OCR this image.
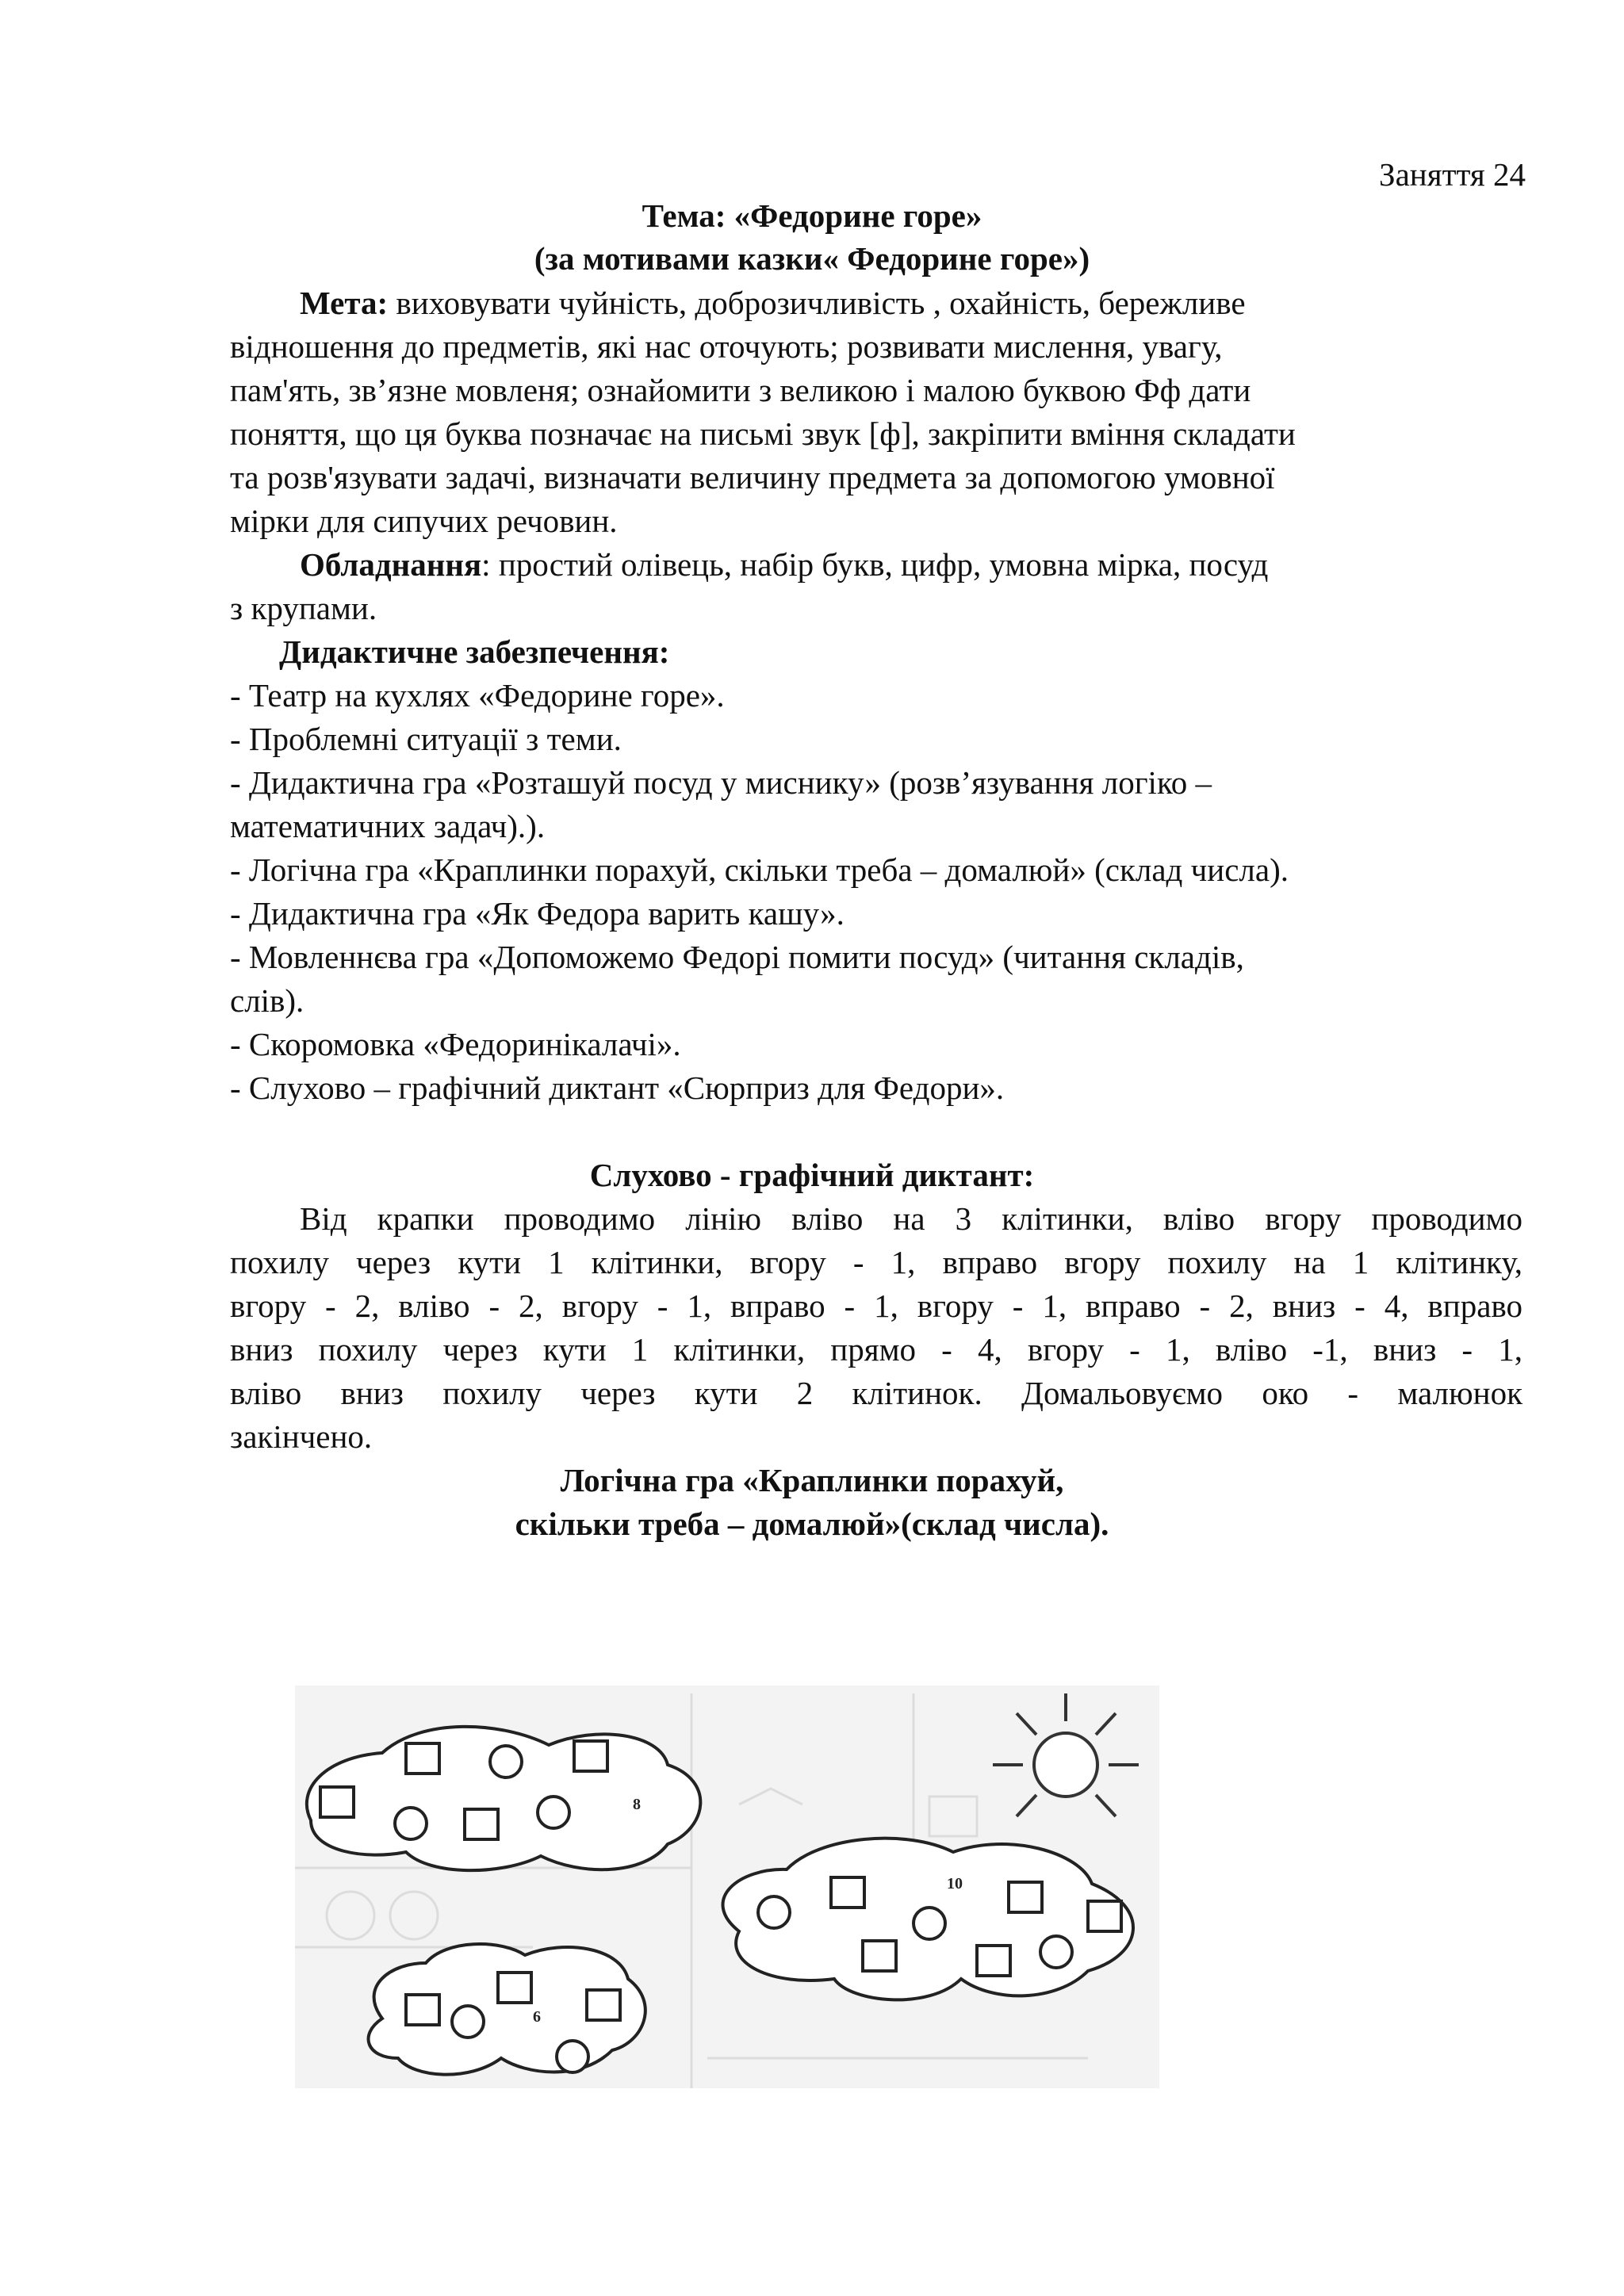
Заняття 24
Тема: «Федорине горе»
(за мотивами казки« Федорине горе»)
Мета: виховувати чуйність, доброзичливість , охайність, бережливе
відношення до предметів, які нас оточують; розвивати мислення, увагу,
пам'ять, зв’язне мовленя; ознайомити з великою і малою буквою Фф дати
поняття, що ця буква позначає на письмі звук [ф], закріпити вміння складати
та розв'язувати задачі, визначати величину предмета за допомогою умовної
мірки для сипучих речовин.
Обладнання: простий олівець, набір букв, цифр, умовна мірка, посуд
з крупами.
Дидактичне забезпечення:
- Театр на кухлях «Федорине горе».
- Проблемні ситуації з теми.
- Дидактична гра «Розташуй посуд у миснику» (розв’язування логіко –
математичних задач).).
- Логічна гра «Краплинки порахуй, скільки треба – домалюй» (склад числа).
- Дидактична гра «Як Федора варить кашу».
- Мовленнєва гра «Допоможемо Федорі помити посуд» (читання складів,
слів).
- Скоромовка «Федоринікалачі».
- Слухово – графічний диктант «Сюрприз для Федори».
Слухово - графічний диктант:
Від крапки проводимо лінію вліво на 3 клітинки, вліво вгору проводимо
похилу через кути 1 клітинки, вгору - 1, вправо вгору похилу на 1 клітинку,
вгору - 2, вліво - 2, вгору - 1, вправо - 1, вгору - 1, вправо - 2, вниз - 4, вправо
вниз похилу через кути 1 клітинки, прямо - 4, вгору - 1, вліво -1, вниз - 1,
вліво вниз похилу через кути 2 клітинок. Домальовуємо око - малюнок
закінчено.
Логічна гра «Краплинки порахуй,
скільки треба – домалюй»(склад числа).
8
10
6
